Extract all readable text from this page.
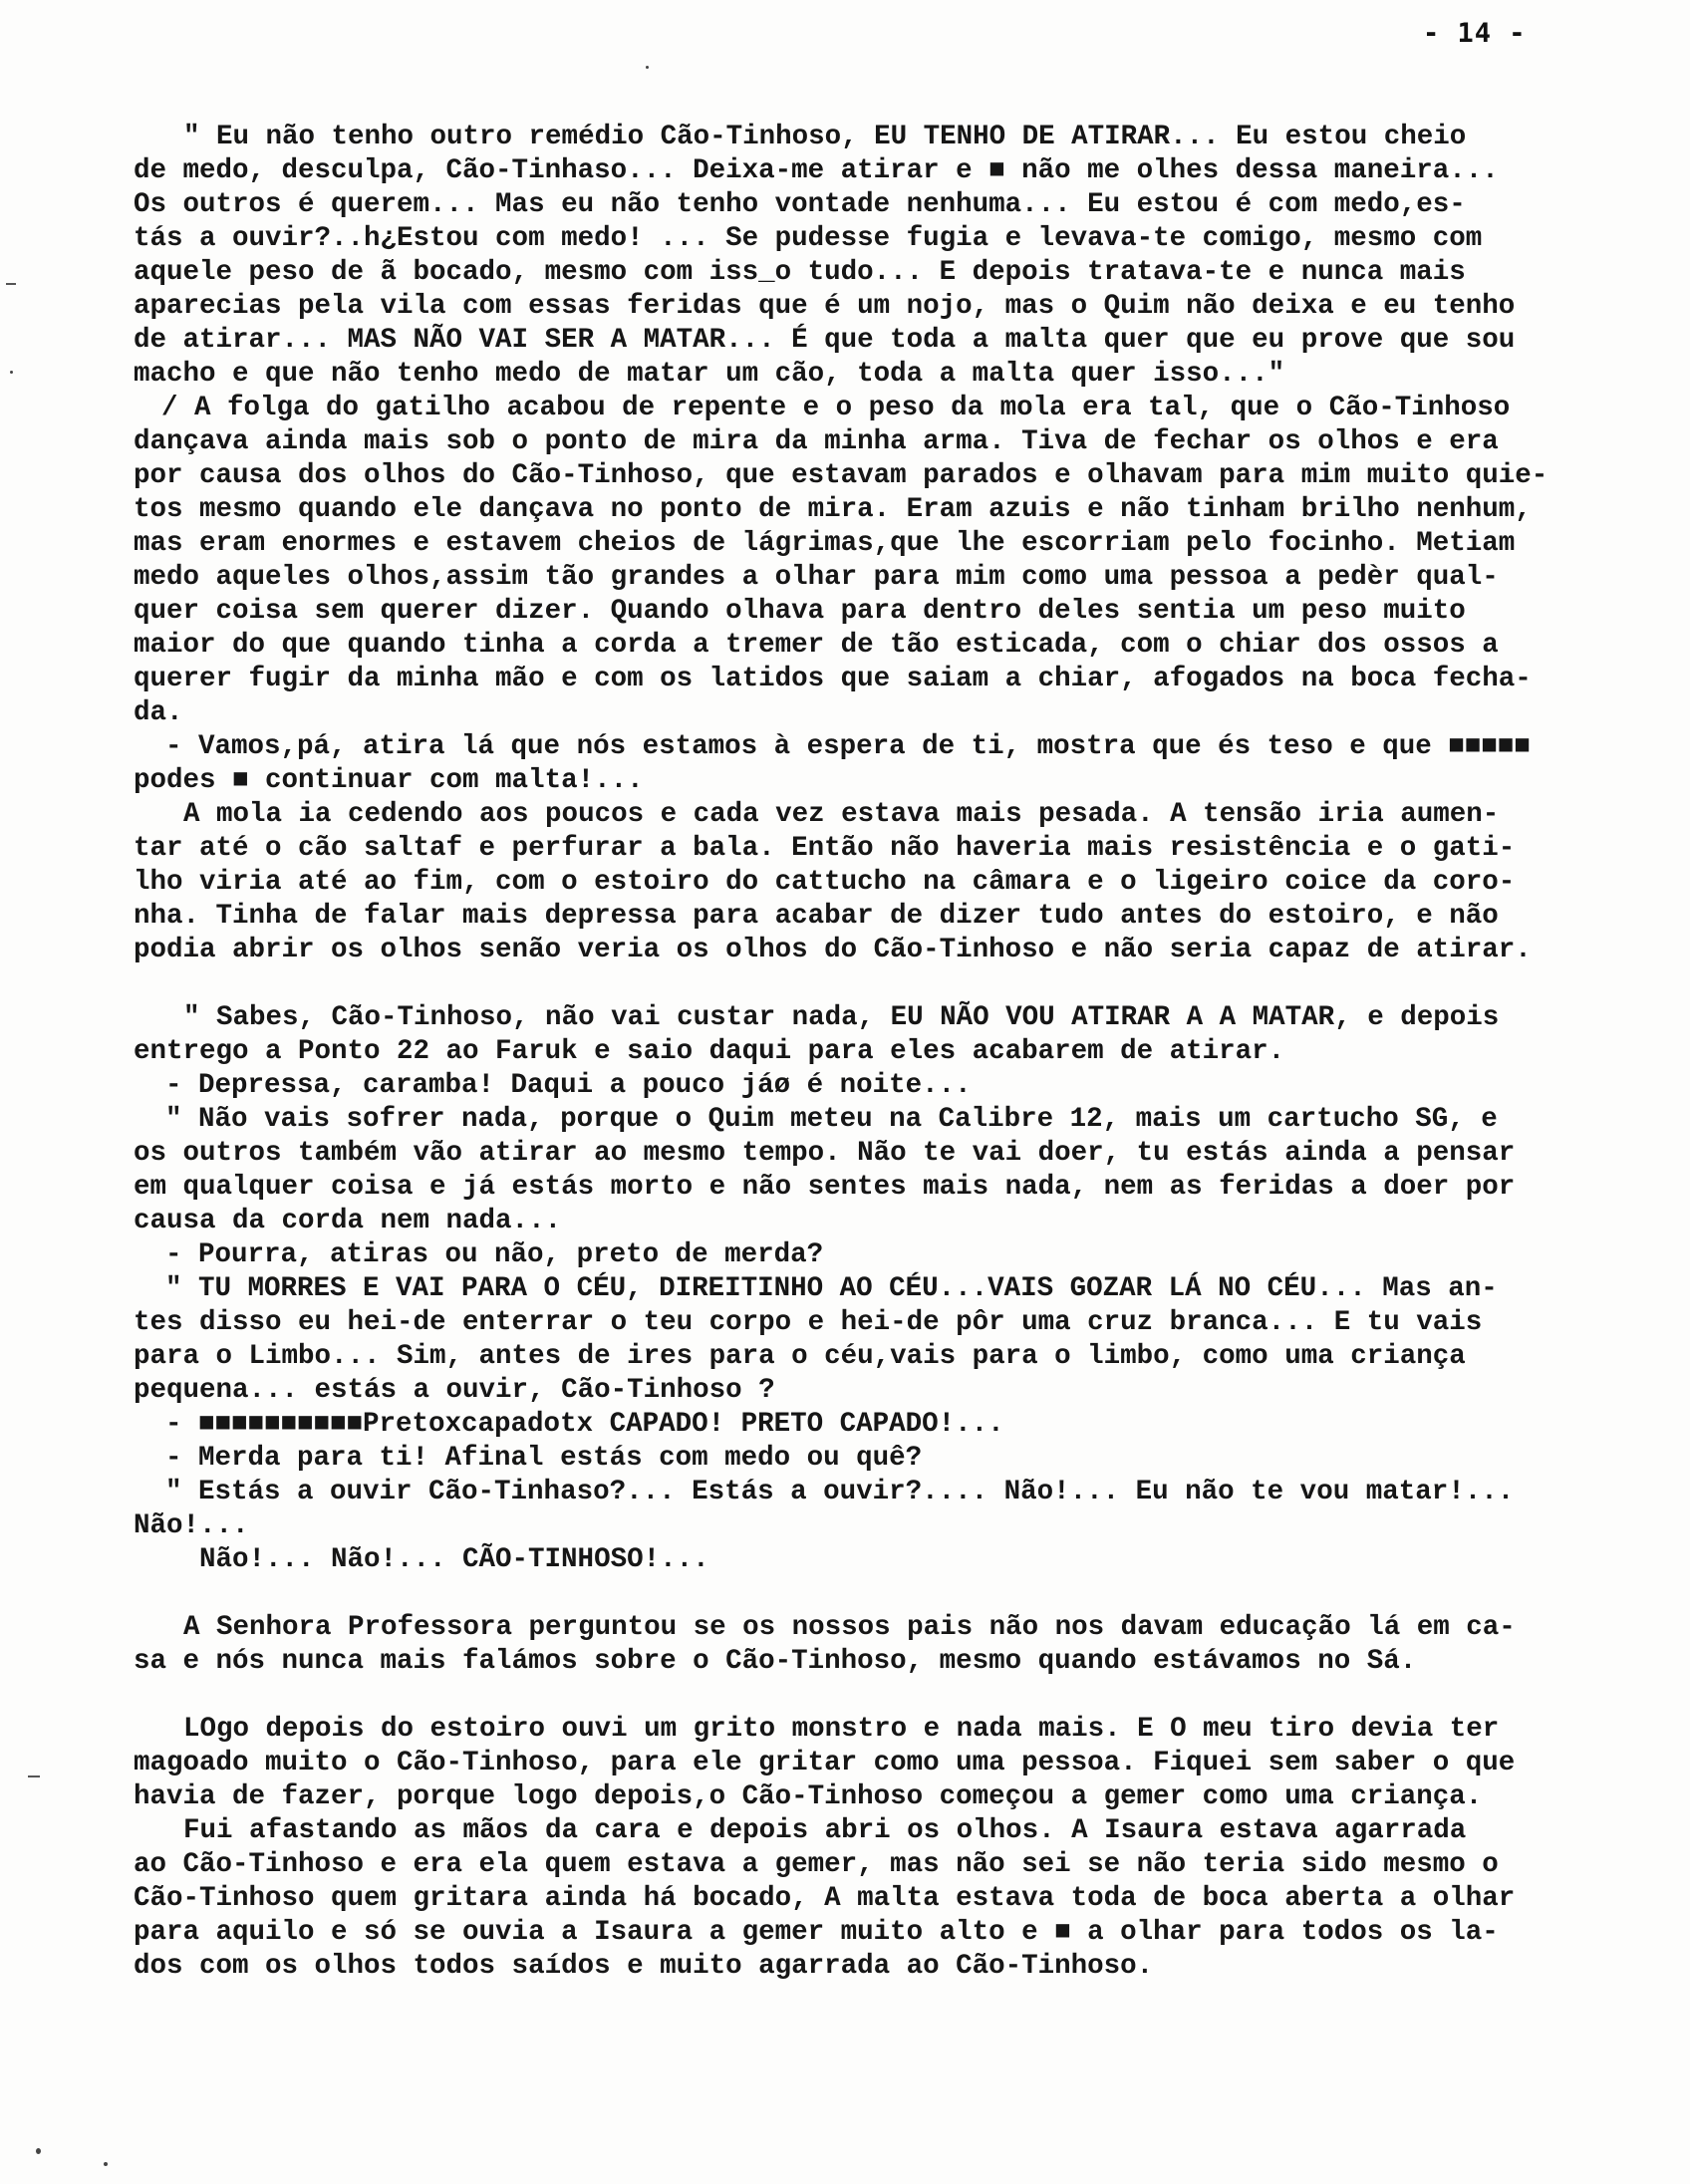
- 14 -
" Eu não tenho outro remédio Cão-Tinhoso, EU TENHO DE ATIRAR... Eu estou cheio
de medo, desculpa, Cão-Tinhaso... Deixa-me atirar e ■ não me olhes dessa maneira...
Os outros é querem... Mas eu não tenho vontade nenhuma... Eu estou é com medo,es-
tás a ouvir?..h¿Estou com medo! ... Se pudesse fugia e levava-te comigo, mesmo com
aquele peso de ã bocado, mesmo com iss_o tudo... E depois tratava-te e nunca mais
aparecias pela vila com essas feridas que é um nojo, mas o Quim não deixa e eu tenho
de atirar... MAS NÃO VAI SER A MATAR... É que toda a malta quer que eu prove que sou
macho e que não tenho medo de matar um cão, toda a malta quer isso..."
/ A folga do gatilho acabou de repente e o peso da mola era tal, que o Cão-Tinhoso
dançava ainda mais sob o ponto de mira da minha arma. Tiva de fechar os olhos e era
por causa dos olhos do Cão-Tinhoso, que estavam parados e olhavam para mim muito quie-
tos mesmo quando ele dançava no ponto de mira. Eram azuis e não tinham brilho nenhum,
mas eram enormes e estavem cheios de lágrimas,que lhe escorriam pelo focinho. Metiam
medo aqueles olhos,assim tão grandes a olhar para mim como uma pessoa a pedèr qual-
quer coisa sem querer dizer. Quando olhava para dentro deles sentia um peso muito
maior do que quando tinha a corda a tremer de tão esticada, com o chiar dos ossos a
querer fugir da minha mão e com os latidos que saiam a chiar, afogados na boca fecha-
da.
- Vamos,pá, atira lá que nós estamos à espera de ti, mostra que és teso e que ■■■■■
podes ■ continuar com malta!...
A mola ia cedendo aos poucos e cada vez estava mais pesada. A tensão iria aumen-
tar até o cão saltaf e perfurar a bala. Então não haveria mais resistência e o gati-
lho viria até ao fim, com o estoiro do cattucho na câmara e o ligeiro coice da coro-
nha. Tinha de falar mais depressa para acabar de dizer tudo antes do estoiro, e não
podia abrir os olhos senão veria os olhos do Cão-Tinhoso e não seria capaz de atirar.
" Sabes, Cão-Tinhoso, não vai custar nada, EU NÃO VOU ATIRAR A A MATAR, e depois
entrego a Ponto 22 ao Faruk e saio daqui para eles acabarem de atirar.
- Depressa, caramba! Daqui a pouco jáø é noite...
" Não vais sofrer nada, porque o Quim meteu na Calibre 12, mais um cartucho SG, e
os outros também vão atirar ao mesmo tempo. Não te vai doer, tu estás ainda a pensar
em qualquer coisa e já estás morto e não sentes mais nada, nem as feridas a doer por
causa da corda nem nada...
- Pourra, atiras ou não, preto de merda?
" TU MORRES E VAI PARA O CÉU, DIREITINHO AO CÉU...VAIS GOZAR LÁ NO CÉU... Mas an-
tes disso eu hei-de enterrar o teu corpo e hei-de pôr uma cruz branca... E tu vais
para o Limbo... Sim, antes de ires para o céu,vais para o limbo, como uma criança
pequena... estás a ouvir, Cão-Tinhoso ?
- ■■■■■■■■■■Pretoxcapadotx CAPADO! PRETO CAPADO!...
- Merda para ti! Afinal estás com medo ou quê?
" Estás a ouvir Cão-Tinhaso?... Estás a ouvir?.... Não!... Eu não te vou matar!...
Não!...
Não!... Não!... CÃO-TINHOSO!...
A Senhora Professora perguntou se os nossos pais não nos davam educação lá em ca-
sa e nós nunca mais falámos sobre o Cão-Tinhoso, mesmo quando estávamos no Sá.
LOgo depois do estoiro ouvi um grito monstro e nada mais. E O meu tiro devia ter
magoado muito o Cão-Tinhoso, para ele gritar como uma pessoa. Fiquei sem saber o que
havia de fazer, porque logo depois,o Cão-Tinhoso começou a gemer como uma criança.
Fui afastando as mãos da cara e depois abri os olhos. A Isaura estava agarrada
ao Cão-Tinhoso e era ela quem estava a gemer, mas não sei se não teria sido mesmo o
Cão-Tinhoso quem gritara ainda há bocado, A malta estava toda de boca aberta a olhar
para aquilo e só se ouvia a Isaura a gemer muito alto e ■ a olhar para todos os la-
dos com os olhos todos saídos e muito agarrada ao Cão-Tinhoso.
